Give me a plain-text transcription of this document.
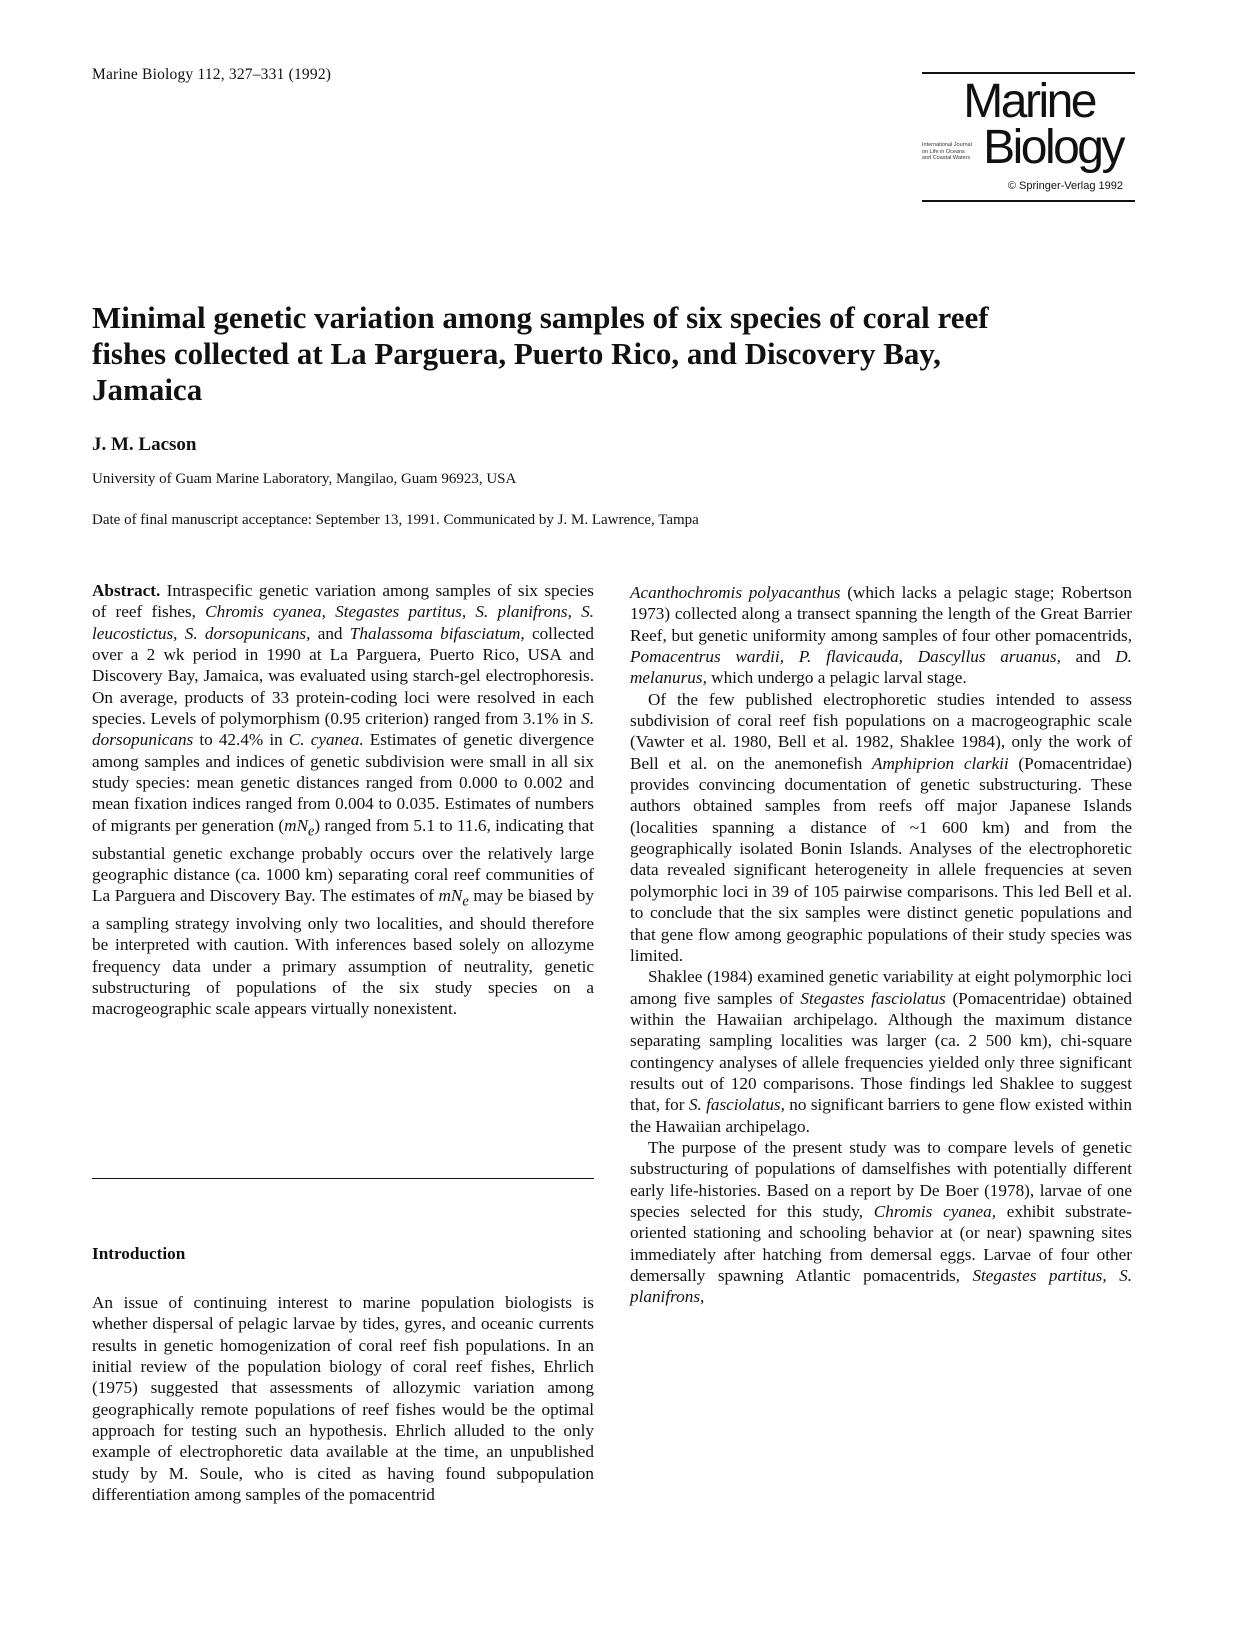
Marine Biology 112, 327–331 (1992)
Marine
International Journal
on Life in Oceans
and Coastal Waters Biology
© Springer-Verlag 1992
Minimal genetic variation among samples of six species of coral reef fishes collected at La Parguera, Puerto Rico, and Discovery Bay, Jamaica
J. M. Lacson
University of Guam Marine Laboratory, Mangilao, Guam 96923, USA
Date of final manuscript acceptance: September 13, 1991. Communicated by J. M. Lawrence, Tampa

Abstract. Intraspecific genetic variation among samples of six species of reef fishes, Chromis cyanea, Stegastes partitus, S. planifrons, S. leucostictus, S. dorsopunicans, and Thalassoma bifasciatum, collected over a 2 wk period in 1990 at La Parguera, Puerto Rico, USA and Discovery Bay, Jamaica, was evaluated using starch-gel electrophoresis. On average, products of 33 protein-coding loci were resolved in each species. Levels of polymorphism (0.95 criterion) ranged from 3.1% in S. dorsopunicans to 42.4% in C. cyanea. Estimates of genetic divergence among samples and indices of genetic subdivision were small in all six study species: mean genetic distances ranged from 0.000 to 0.002 and mean fixation indices ranged from 0.004 to 0.035. Estimates of numbers of migrants per generation $(mN_e)$ ranged from 5.1 to 11.6, indicating that substantial genetic exchange probably occurs over the relatively large geographic distance (ca. 1000 km) separating coral reef communities of La Parguera and Discovery Bay. The estimates of $mN_e$ may be biased by a sampling strategy involving only two localities, and should therefore be interpreted with caution. With inferences based solely on allozyme frequency data under a primary assumption of neutrality, genetic substructuring of populations of the six study species on a macrogeographic scale appears virtually nonexistent.

Introduction

An issue of continuing interest to marine population biologists is whether dispersal of pelagic larvae by tides, gyres, and oceanic currents results in genetic homogenization of coral reef fish populations. In an initial review of the population biology of coral reef fishes, Ehrlich (1975) suggested that assessments of allozymic variation among geographically remote populations of reef fishes would be the optimal approach for testing such an hypothesis. Ehrlich alluded to the only example of electrophoretic data available at the time, an unpublished study by M. Soule, who is cited as having found subpopulation differentiation among samples of the pomacentrid

Acanthochromis polyacanthus (which lacks a pelagic stage; Robertson 1973) collected along a transect spanning the length of the Great Barrier Reef, but genetic uniformity among samples of four other pomacentrids, Pomacentrus wardii, P. flavicauda, Dascyllus aruanus, and D. melanurus, which undergo a pelagic larval stage.

Of the few published electrophoretic studies intended to assess subdivision of coral reef fish populations on a macrogeographic scale (Vawter et al. 1980, Bell et al. 1982, Shaklee 1984), only the work of Bell et al. on the anemonefish Amphiprion clarkii (Pomacentridae) provides convincing documentation of genetic substructuring. These authors obtained samples from reefs off major Japanese Islands (localities spanning a distance of ~1 600 km) and from the geographically isolated Bonin Islands. Analyses of the electrophoretic data revealed significant heterogeneity in allele frequencies at seven polymorphic loci in 39 of 105 pairwise comparisons. This led Bell et al. to conclude that the six samples were distinct genetic populations and that gene flow among geographic populations of their study species was limited.

Shaklee (1984) examined genetic variability at eight polymorphic loci among five samples of Stegastes fasciolatus (Pomacentridae) obtained within the Hawaiian archipelago. Although the maximum distance separating sampling localities was larger (ca. 2 500 km), chi-square contingency analyses of allele frequencies yielded only three significant results out of 120 comparisons. Those findings led Shaklee to suggest that, for S. fasciolatus, no significant barriers to gene flow existed within the Hawaiian archipelago.

The purpose of the present study was to compare levels of genetic substructuring of populations of damselfishes with potentially different early life-histories. Based on a report by De Boer (1978), larvae of one species selected for this study, Chromis cyanea, exhibit substrate-oriented stationing and schooling behavior at (or near) spawning sites immediately after hatching from demersal eggs. Larvae of four other demersally spawning Atlantic pomacentrids, Stegastes partitus, S. planifrons,
